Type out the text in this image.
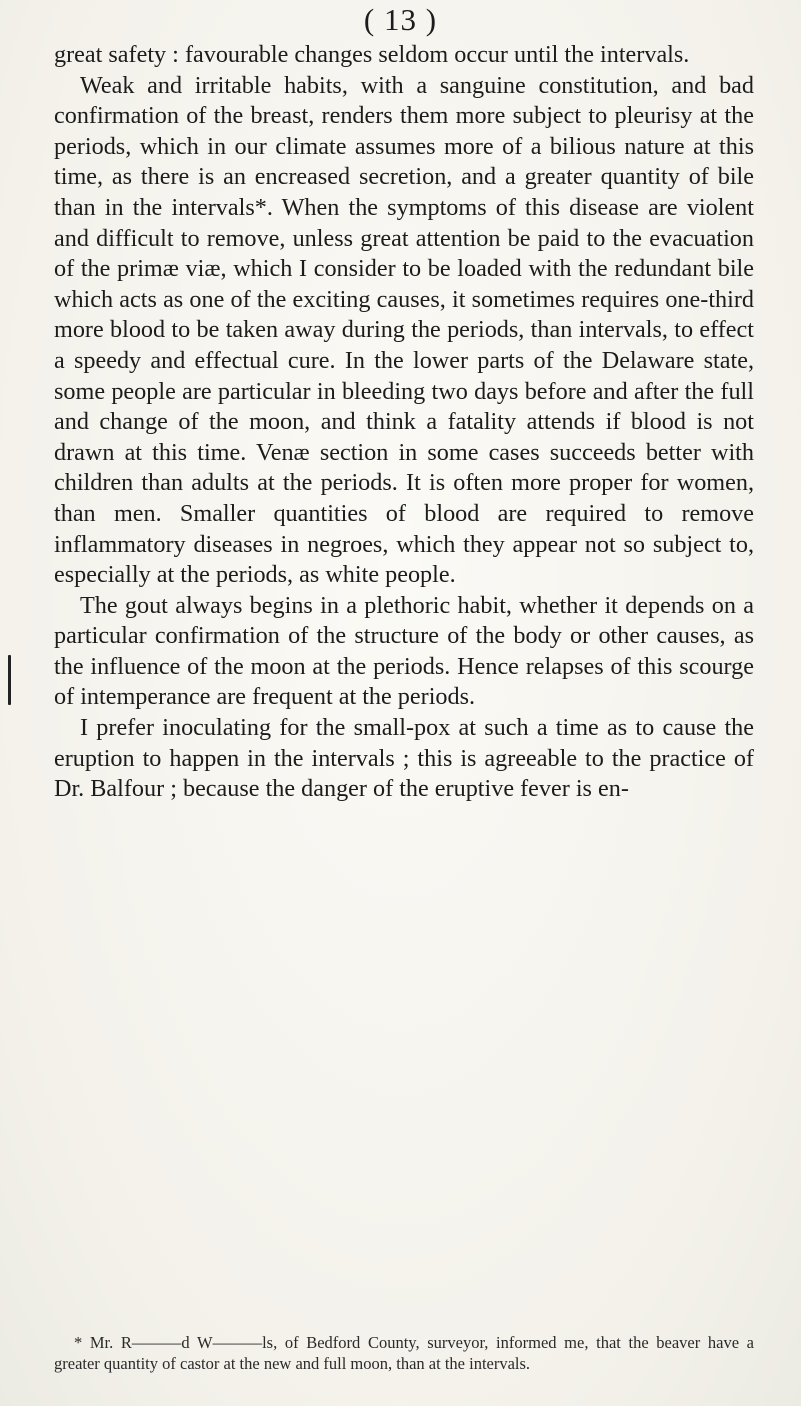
( 13 )

great safety : favourable changes seldom occur until the intervals.

Weak and irritable habits, with a sanguine constitution, and bad confirmation of the breast, renders them more subject to pleurisy at the periods, which in our climate assumes more of a bilious nature at this time, as there is an encreased secretion, and a greater quantity of bile than in the intervals*. When the symptoms of this disease are violent and difficult to remove, unless great attention be paid to the evacuation of the primæ viæ, which I consider to be loaded with the redundant bile which acts as one of the exciting causes, it sometimes requires one-third more blood to be taken away during the periods, than intervals, to effect a speedy and effectual cure. In the lower parts of the Delaware state, some people are particular in bleeding two days before and after the full and change of the moon, and think a fatality attends if blood is not drawn at this time. Venæ section in some cases succeeds better with children than adults at the periods. It is often more proper for women, than men. Smaller quantities of blood are required to remove inflammatory diseases in negroes, which they appear not so subject to, especially at the periods, as white people.

The gout always begins in a plethoric habit, whether it depends on a particular confirmation of the structure of the body or other causes, as the influence of the moon at the periods. Hence relapses of this scourge of intemperance are frequent at the periods.

I prefer inoculating for the small-pox at such a time as to cause the eruption to happen in the intervals ; this is agreeable to the practice of Dr. Balfour ; because the danger of the eruptive fever is en-

* Mr. R———d W———ls, of Bedford County, surveyor, informed me, that the beaver have a greater quantity of castor at the new and full moon, than at the intervals.
